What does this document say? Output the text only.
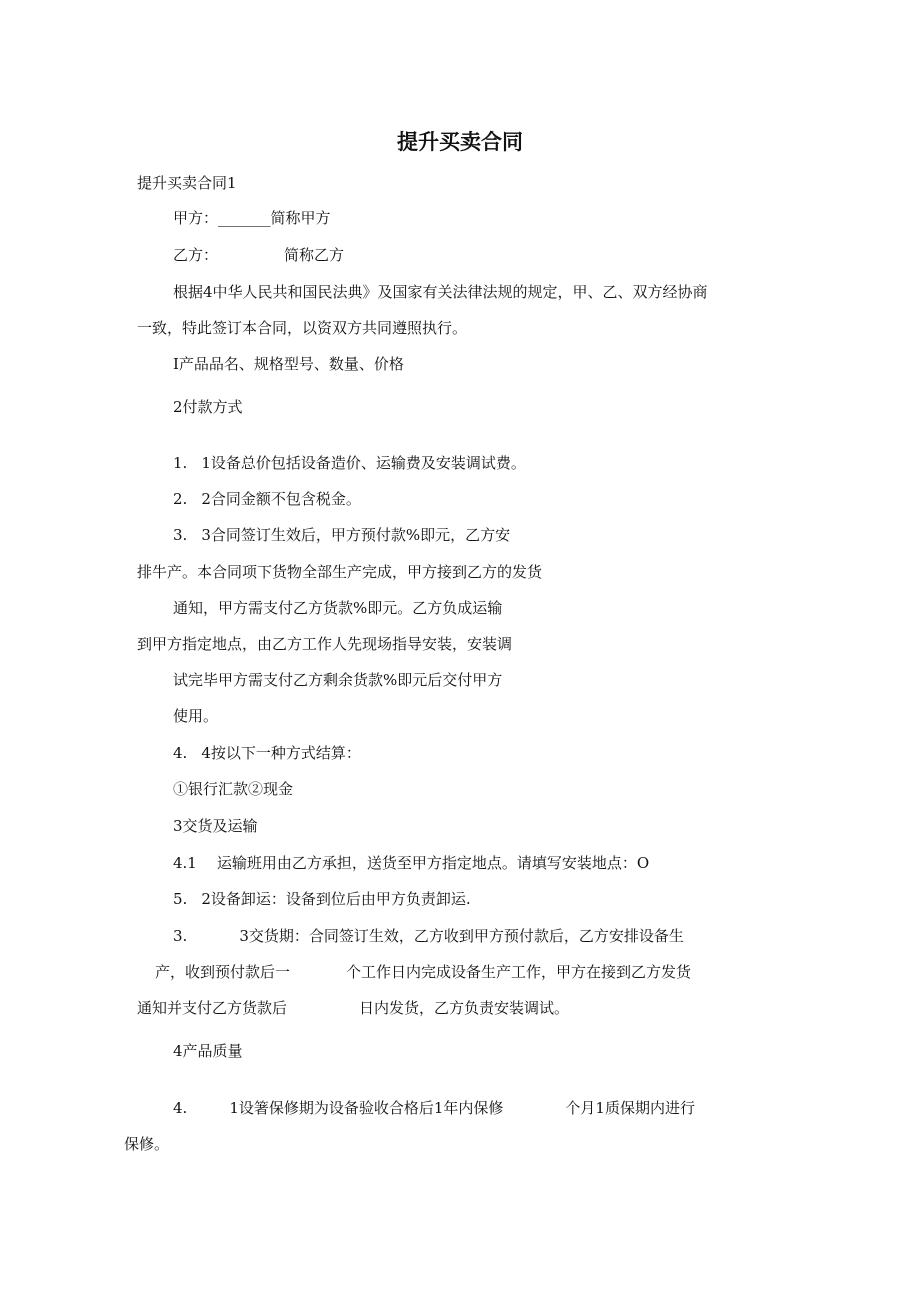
提升买卖合同

提升买卖合同1

甲方：_______简称甲方

乙方：	简称乙方

根据4中华人民共和国民法典》及国家有关法律法规的规定，甲、乙、双方经协商

一致，特此签订本合同，以资双方共同遵照执行。

I产品品名、规格型号、数量、价格

2付款方式

1. 1设备总价包括设备造价、运输费及安装调试费。

2. 2合同金额不包含税金。

3. 3合同签订生效后，甲方预付款%即元，乙方安

排牛产。本合同项下货物全部生产完成，甲方接到乙方的发货

通知，甲方需支付乙方货款%即元。乙方负成运输

到甲方指定地点，由乙方工作人先现场指导安装，安装调

试完毕甲方需支付乙方剩余货款%即元后交付甲方

使用。

4. 4按以下一种方式结算：

①银行汇款②现金

3交货及运输

4.1 运输班用由乙方承担，送货至甲方指定地点。请填写安装地点：O

5. 2设备卸运：设备到位后由甲方负责卸运.

3.	3交货期：合同签订生效，乙方收到甲方预付款后，乙方安排设备生

产，收到预付款后一	个工作日内完成设备生产工作，甲方在接到乙方发货

通知并支付乙方货款后	日内发货，乙方负责安装调试。

4产品质量

4.	1设箸保修期为设备验收合格后1年内保修	个月1质保期内进行

保修。
